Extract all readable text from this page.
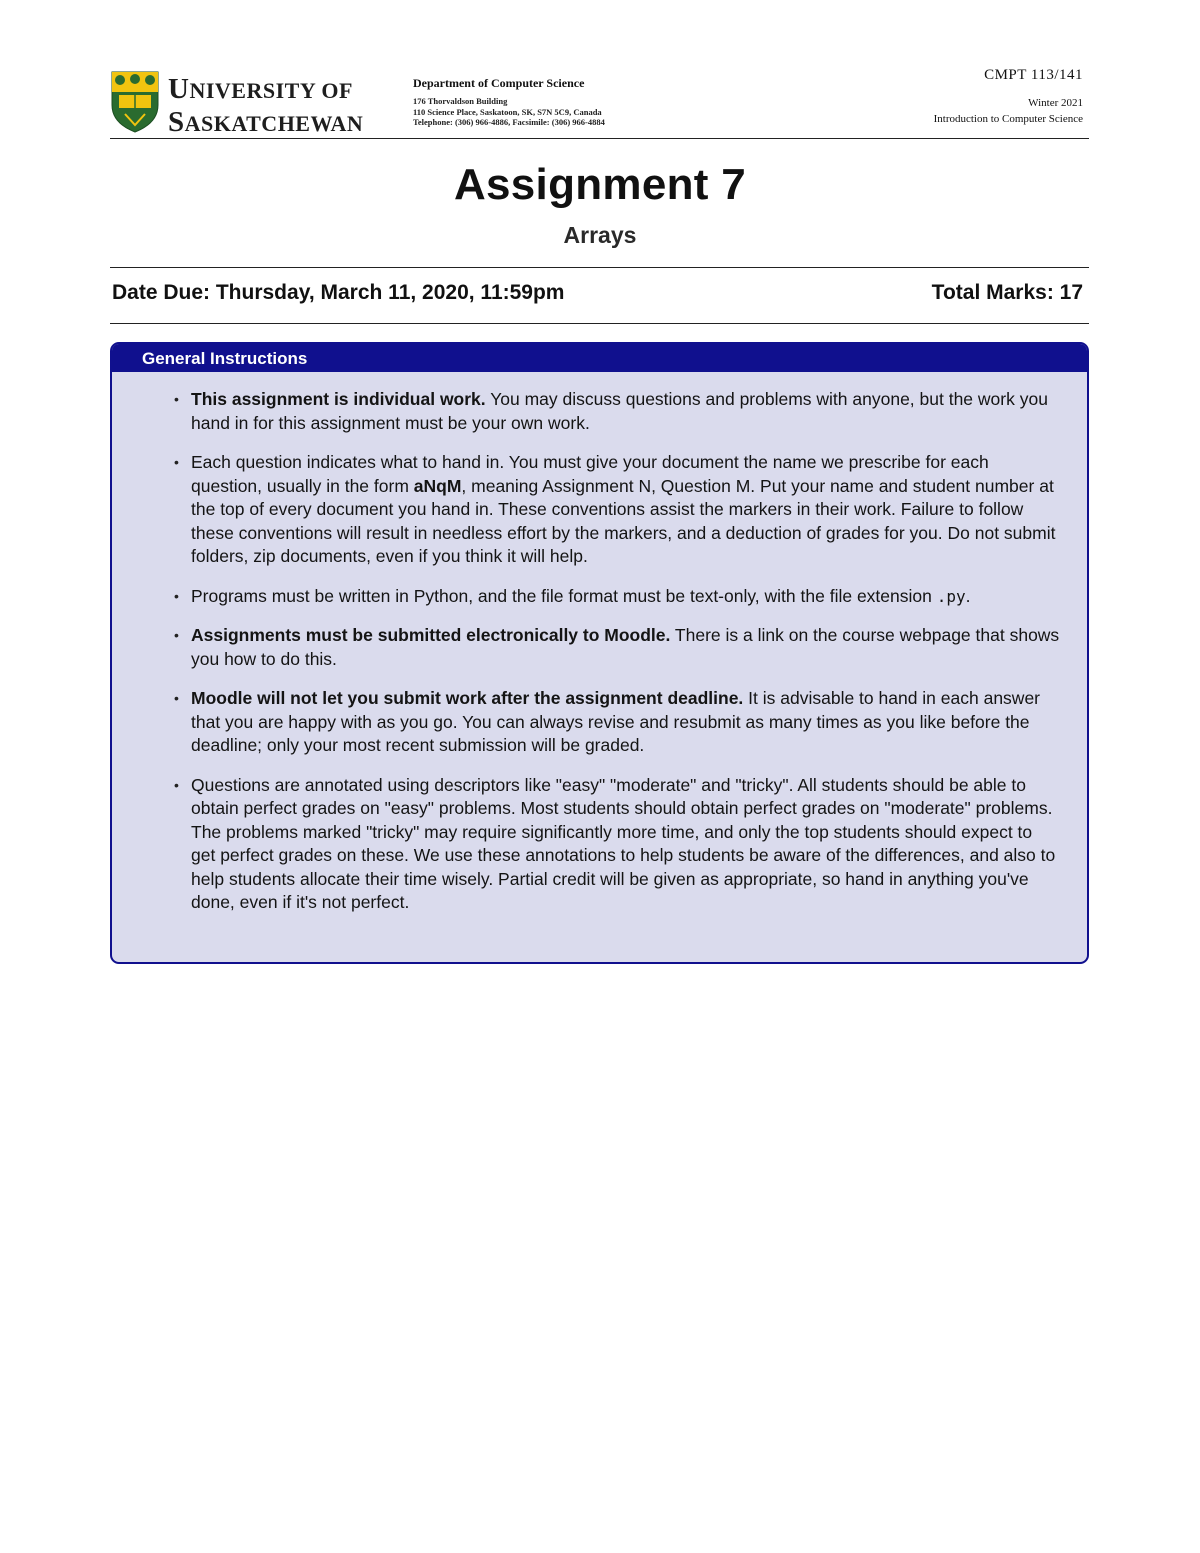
UNIVERSITY OF
SASKATCHEWAN
Department of Computer Science
176 Thorvaldson Building
110 Science Place, Saskatoon, SK, S7N 5C9, Canada
Telephone: (306) 966-4886, Facsimile: (306) 966-4884
CMPT 113/141
Winter 2021
Introduction to Computer Science
Assignment 7
Arrays
Date Due: Thursday, March 11, 2020, 11:59pm	Total Marks: 17
General Instructions
• This assignment is individual work. You may discuss questions and problems with anyone, but the work you hand in for this assignment must be your own work.
• Each question indicates what to hand in. You must give your document the name we prescribe for each question, usually in the form aNqM, meaning Assignment N, Question M. Put your name and student number at the top of every document you hand in. These conventions assist the markers in their work. Failure to follow these conventions will result in needless effort by the markers, and a deduction of grades for you. Do not submit folders, zip documents, even if you think it will help.
• Programs must be written in Python, and the file format must be text-only, with the file extension .py.
• Assignments must be submitted electronically to Moodle. There is a link on the course webpage that shows you how to do this.
• Moodle will not let you submit work after the assignment deadline. It is advisable to hand in each answer that you are happy with as you go. You can always revise and resubmit as many times as you like before the deadline; only your most recent submission will be graded.
• Questions are annotated using descriptors like "easy" "moderate" and "tricky". All students should be able to obtain perfect grades on "easy" problems. Most students should obtain perfect grades on "moderate" problems. The problems marked "tricky" may require significantly more time, and only the top students should expect to get perfect grades on these. We use these annotations to help students be aware of the differences, and also to help students allocate their time wisely. Partial credit will be given as appropriate, so hand in anything you've done, even if it's not perfect.
